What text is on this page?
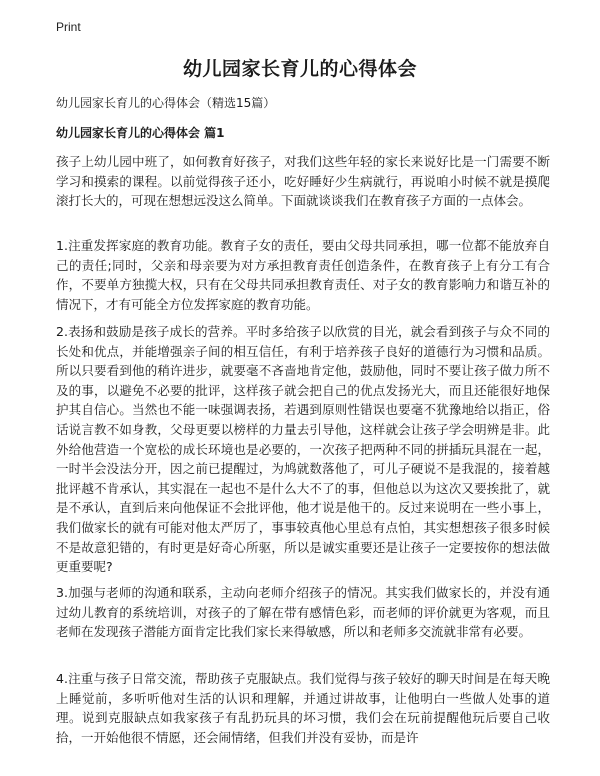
Print
幼儿园家长育儿的心得体会
幼儿园家长育儿的心得体会（精选15篇）
幼儿园家长育儿的心得体会 篇1

孩子上幼儿园中班了，如何教育好孩子，对我们这些年轻的家长来说好比是一门需要不断学习和摸索的课程。以前觉得孩子还小，吃好睡好少生病就行，再说咱小时候不就是摸爬滚打长大的，可现在想想远没这么简单。下面就谈谈我们在教育孩子方面的一点体会。

1.注重发挥家庭的教育功能。教育子女的责任，要由父母共同承担，哪一位都不能放弃自己的责任;同时，父亲和母亲要为对方承担教育责任创造条件，在教育孩子上有分工有合作，不要单方独揽大权，只有在父母共同承担教育责任、对子女的教育影响力和谐互补的情况下，才有可能全方位发挥家庭的教育功能。

2.表扬和鼓励是孩子成长的营养。平时多给孩子以欣赏的目光，就会看到孩子与众不同的长处和优点，并能增强亲子间的相互信任，有利于培养孩子良好的道德行为习惯和品质。所以只要看到他的稍许进步，就要毫不吝啬地肯定他，鼓励他，同时不要让孩子做力所不及的事，以避免不必要的批评，这样孩子就会把自己的优点发扬光大，而且还能很好地保护其自信心。当然也不能一味强调表扬，若遇到原则性错误也要毫不犹豫地给以指正，俗话说言教不如身教，父母更要以榜样的力量去引导他，这样就会让孩子学会明辨是非。此外给他营造一个宽松的成长环境也是必要的，一次孩子把两种不同的拼插玩具混在一起，一时半会没法分开，因之前已提醒过，为鸠就数落他了，可儿子硬说不是我混的，接着越批评越不肯承认，其实混在一起也不是什么大不了的事，但他总以为这次又要挨批了，就是不承认，直到后来向他保证不会批评他，他才说是他干的。反过来说明在一些小事上，我们做家长的就有可能对他太严厉了，事事较真他心里总有点怕，其实想想孩子很多时候不是故意犯错的，有时更是好奇心所驱，所以是诚实重要还是让孩子一定要按你的想法做更重要呢?

3.加强与老师的沟通和联系，主动向老师介绍孩子的情况。其实我们做家长的，并没有通过幼儿教育的系统培训，对孩子的了解在带有感情色彩，而老师的评价就更为客观，而且老师在发现孩子潜能方面肯定比我们家长来得敏感，所以和老师多交流就非常有必要。

4.注重与孩子日常交流，帮助孩子克服缺点。我们觉得与孩子较好的聊天时间是在每天晚上睡觉前，多听听他对生活的认识和理解，并通过讲故事，让他明白一些做人处事的道理。说到克服缺点如我家孩子有乱扔玩具的坏习惯，我们会在玩前提醒他玩后要自己收拾，一开始他很不情愿，还会闹情绪，但我们并没有妥协，而是许
